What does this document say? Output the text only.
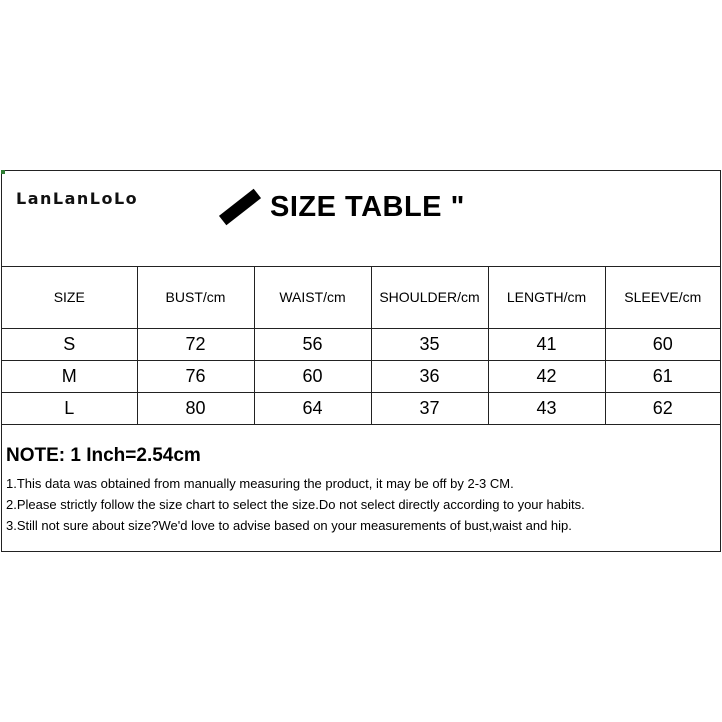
LanLanLoLo	SIZE TABLE "
SIZE	BUST/cm	WAIST/cm	SHOULDER/cm	LENGTH/cm	SLEEVE/cm
S	72	56	35	41	60
M	76	60	36	42	61
L	80	64	37	43	62
NOTE: 1 Inch=2.54cm
1.This data was obtained from manually measuring the product, it may be off by 2-3 CM.
2.Please strictly follow the size chart to select the size.Do not select directly according to your habits.
3.Still not sure about size?We'd love to advise based on your measurements of bust,waist and hip.
